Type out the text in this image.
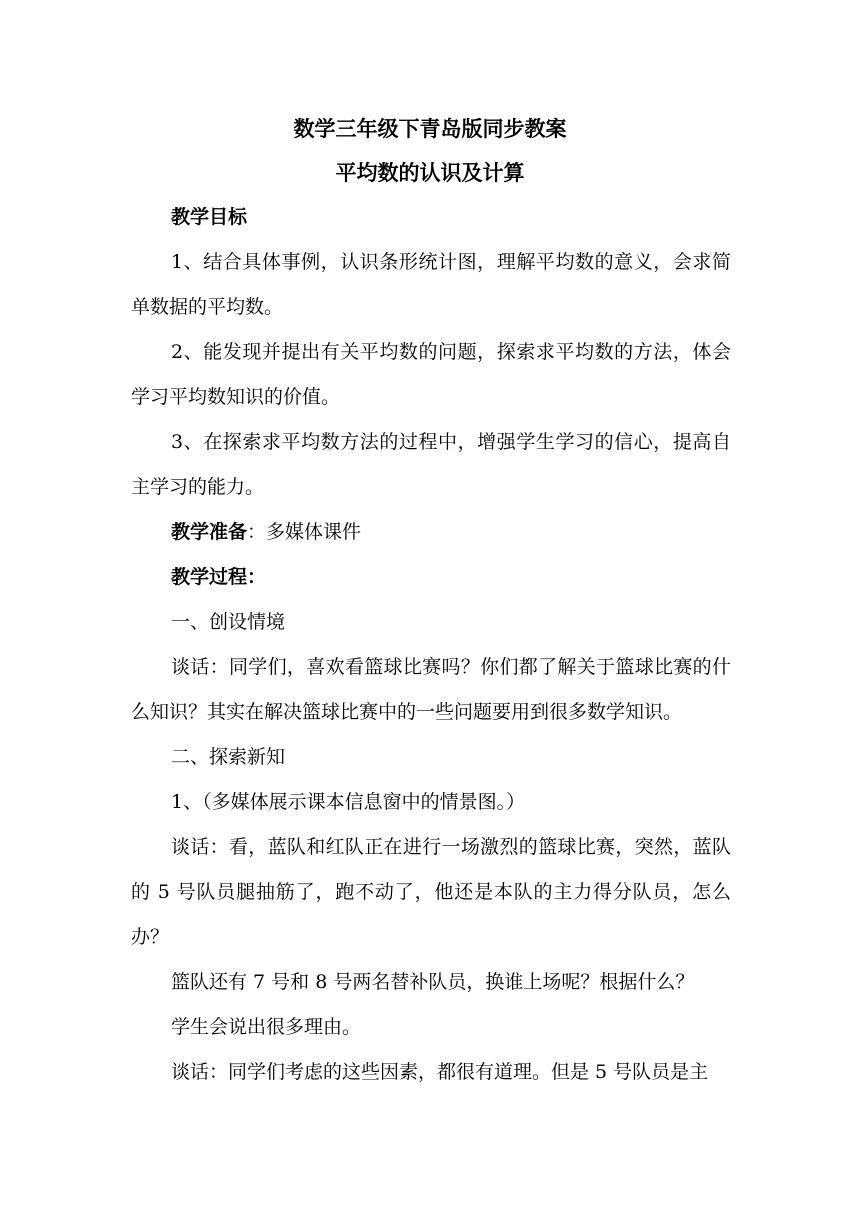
数学三年级下青岛版同步教案
平均数的认识及计算

教学目标

1、结合具体事例，认识条形统计图，理解平均数的意义，会求简单数据的平均数。

2、能发现并提出有关平均数的问题，探索求平均数的方法，体会学习平均数知识的价值。

3、在探索求平均数方法的过程中，增强学生学习的信心，提高自主学习的能力。

教学准备：多媒体课件

教学过程：

一、创设情境

谈话：同学们，喜欢看篮球比赛吗？你们都了解关于篮球比赛的什么知识？其实在解决篮球比赛中的一些问题要用到很多数学知识。

二、探索新知

1、（多媒体展示课本信息窗中的情景图。）

谈话：看，蓝队和红队正在进行一场激烈的篮球比赛，突然，蓝队的 5 号队员腿抽筋了，跑不动了，他还是本队的主力得分队员，怎么办？

篮队还有 7 号和 8 号两名替补队员，换谁上场呢？根据什么？

学生会说出很多理由。

谈话：同学们考虑的这些因素，都很有道理。但是 5 号队员是主
